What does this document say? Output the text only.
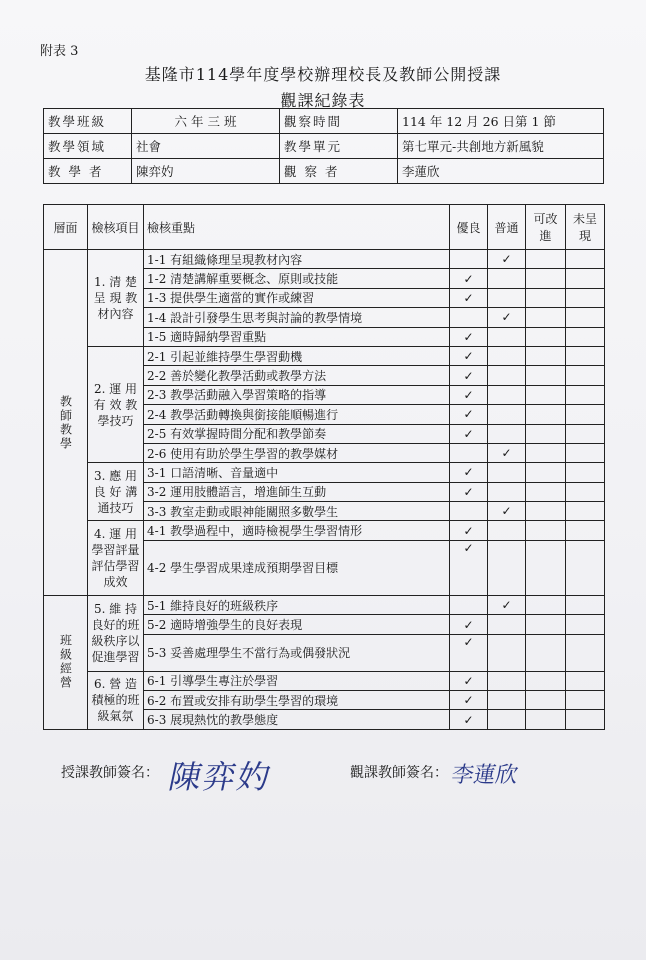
附表 3
基隆市114學年度學校辦理校長及教師公開授課
觀課紀錄表
教學班級	六 年 三 班	觀察時間	114 年 12 月 26 日第 1 節
教學領域	社會	教學單元	第七單元-共創地方新風貌
教 學 者	陳弈妁	觀 察 者	李蓮欣
層面	檢核項目	檢核重點	優良	普通	可改進	未呈現
教師教學	1. 清 楚呈 現 教材內容	1-1 有組織條理呈現教材內容		✓		
		1-2 清楚講解重要概念、原則或技能	✓			
		1-3 提供學生適當的實作或練習	✓			
		1-4 設計引發學生思考與討論的教學情境		✓		
		1-5 適時歸納學習重點	✓			
	2. 運 用有 效 教學技巧	2-1 引起並維持學生學習動機	✓			
		2-2 善於變化教學活動或教學方法	✓			
		2-3 教學活動融入學習策略的指導	✓			
		2-4 教學活動轉換與銜接能順暢進行	✓			
		2-5 有效掌握時間分配和教學節奏	✓			
		2-6 使用有助於學生學習的教學媒材		✓		
	3. 應 用良 好 溝通技巧	3-1 口語清晰、音量適中	✓			
		3-2 運用肢體語言，增進師生互動	✓			
		3-3 教室走動或眼神能關照多數學生		✓		
	4. 運 用學習評量評估學習成效	4-1 教學過程中，適時檢視學生學習情形	✓			
		4-2 學生學習成果達成預期學習目標	✓			
班級經營	5. 維 持良好的班級秩序以促進學習	5-1 維持良好的班級秩序		✓		
		5-2 適時增強學生的良好表現	✓			
		5-3 妥善處理學生不當行為或偶發狀況	✓			
	6. 營 造積極的班級氣氛	6-1 引導學生專注於學習	✓			
		6-2 布置或安排有助學生學習的環境	✓			
		6-3 展現熱忱的教學態度	✓			
授課教師簽名： 陳弈妁	觀課教師簽名： 李蓮欣
